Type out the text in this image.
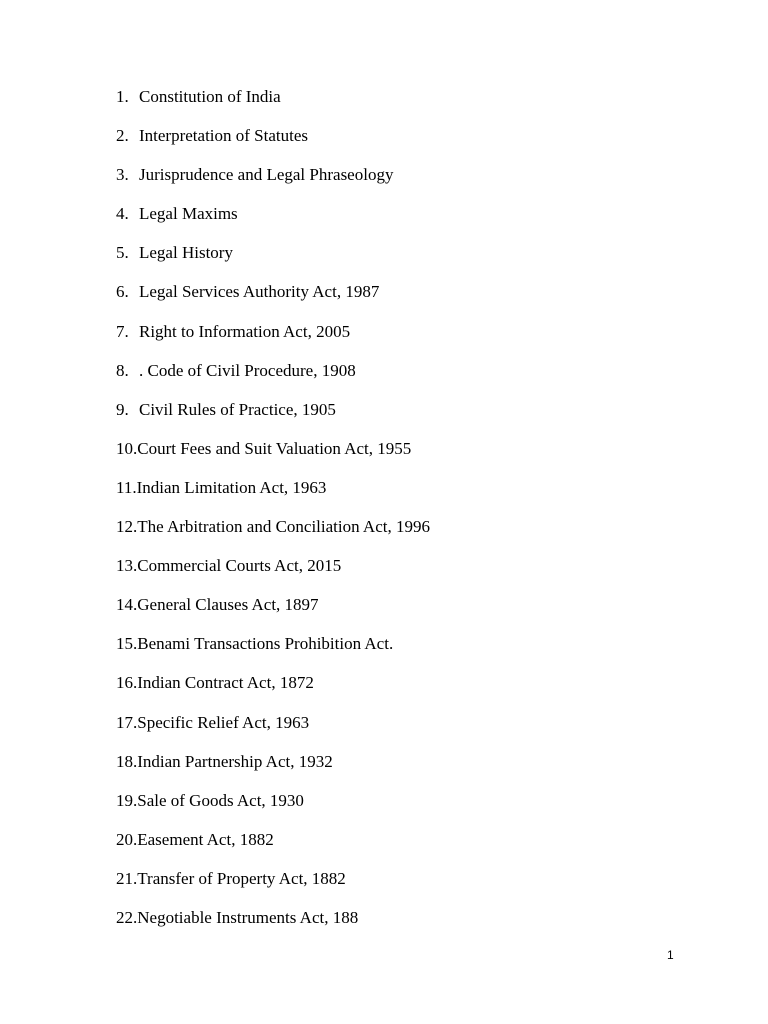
1. Constitution of India
2. Interpretation of Statutes
3. Jurisprudence and Legal Phraseology
4. Legal Maxims
5. Legal History
6. Legal Services Authority Act, 1987
7. Right to Information Act, 2005
8. . Code of Civil Procedure, 1908
9. Civil Rules of Practice, 1905
10.Court Fees and Suit Valuation Act, 1955
11.Indian Limitation Act, 1963
12.The Arbitration and Conciliation Act, 1996
13.Commercial Courts Act, 2015
14.General Clauses Act, 1897
15.Benami Transactions Prohibition Act.
16.Indian Contract Act, 1872
17.Specific Relief Act, 1963
18.Indian Partnership Act, 1932
19.Sale of Goods Act, 1930
20.Easement Act, 1882
21.Transfer of Property Act, 1882
22.Negotiable Instruments Act, 188
1
